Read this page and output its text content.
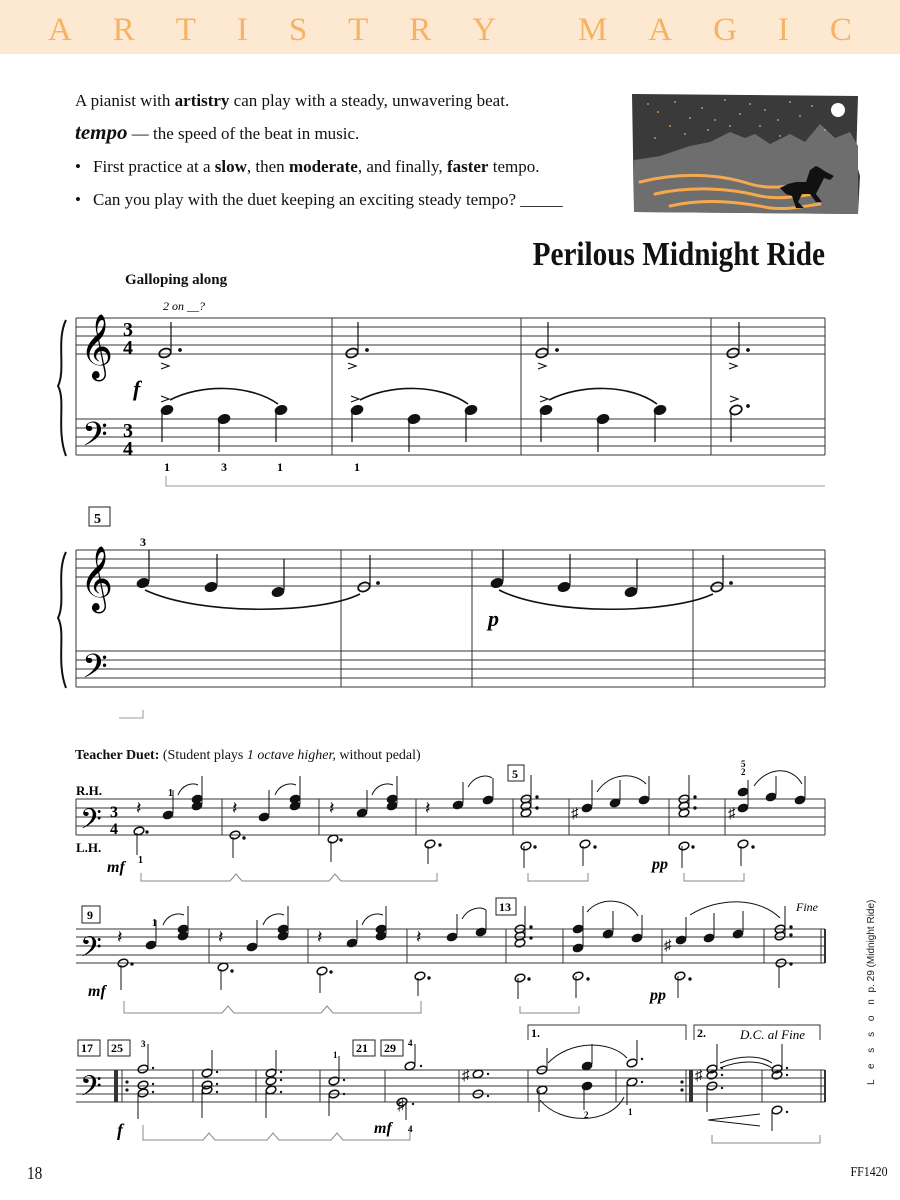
A R T I S T R Y M A G I C
A pianist with artistry can play with a steady, unwavering beat.
tempo — the speed of the beat in music.
• First practice at a slow, then moderate, and finally, faster tempo.
• Can you play with the duet keeping an exciting steady tempo? _____
Perilous Midnight Ride
Galloping along
Teacher Duet: (Student plays 1 octave higher, without pedal)
𝄞
𝄢
3
4
3
4
2 on __?
f
1	3	1	1
5
𝄞
𝄢
3
p
R.H.
L.H.
𝄢 3
4
mf 1
1
5
pp
5
2
𝄽	𝄽	𝄽	𝄽	♯	♯
9
13
𝄢
mf
1
pp
Fine
𝄽	𝄽	𝄽	𝄽	♯
17 25	21 29
1.	2.	D.C. al Fine
𝄢
f	mf
3
1
4
4
2	1
♯
♯	♯	L e s s o n p. 29 (Midnight Ride)
18	FF1420
